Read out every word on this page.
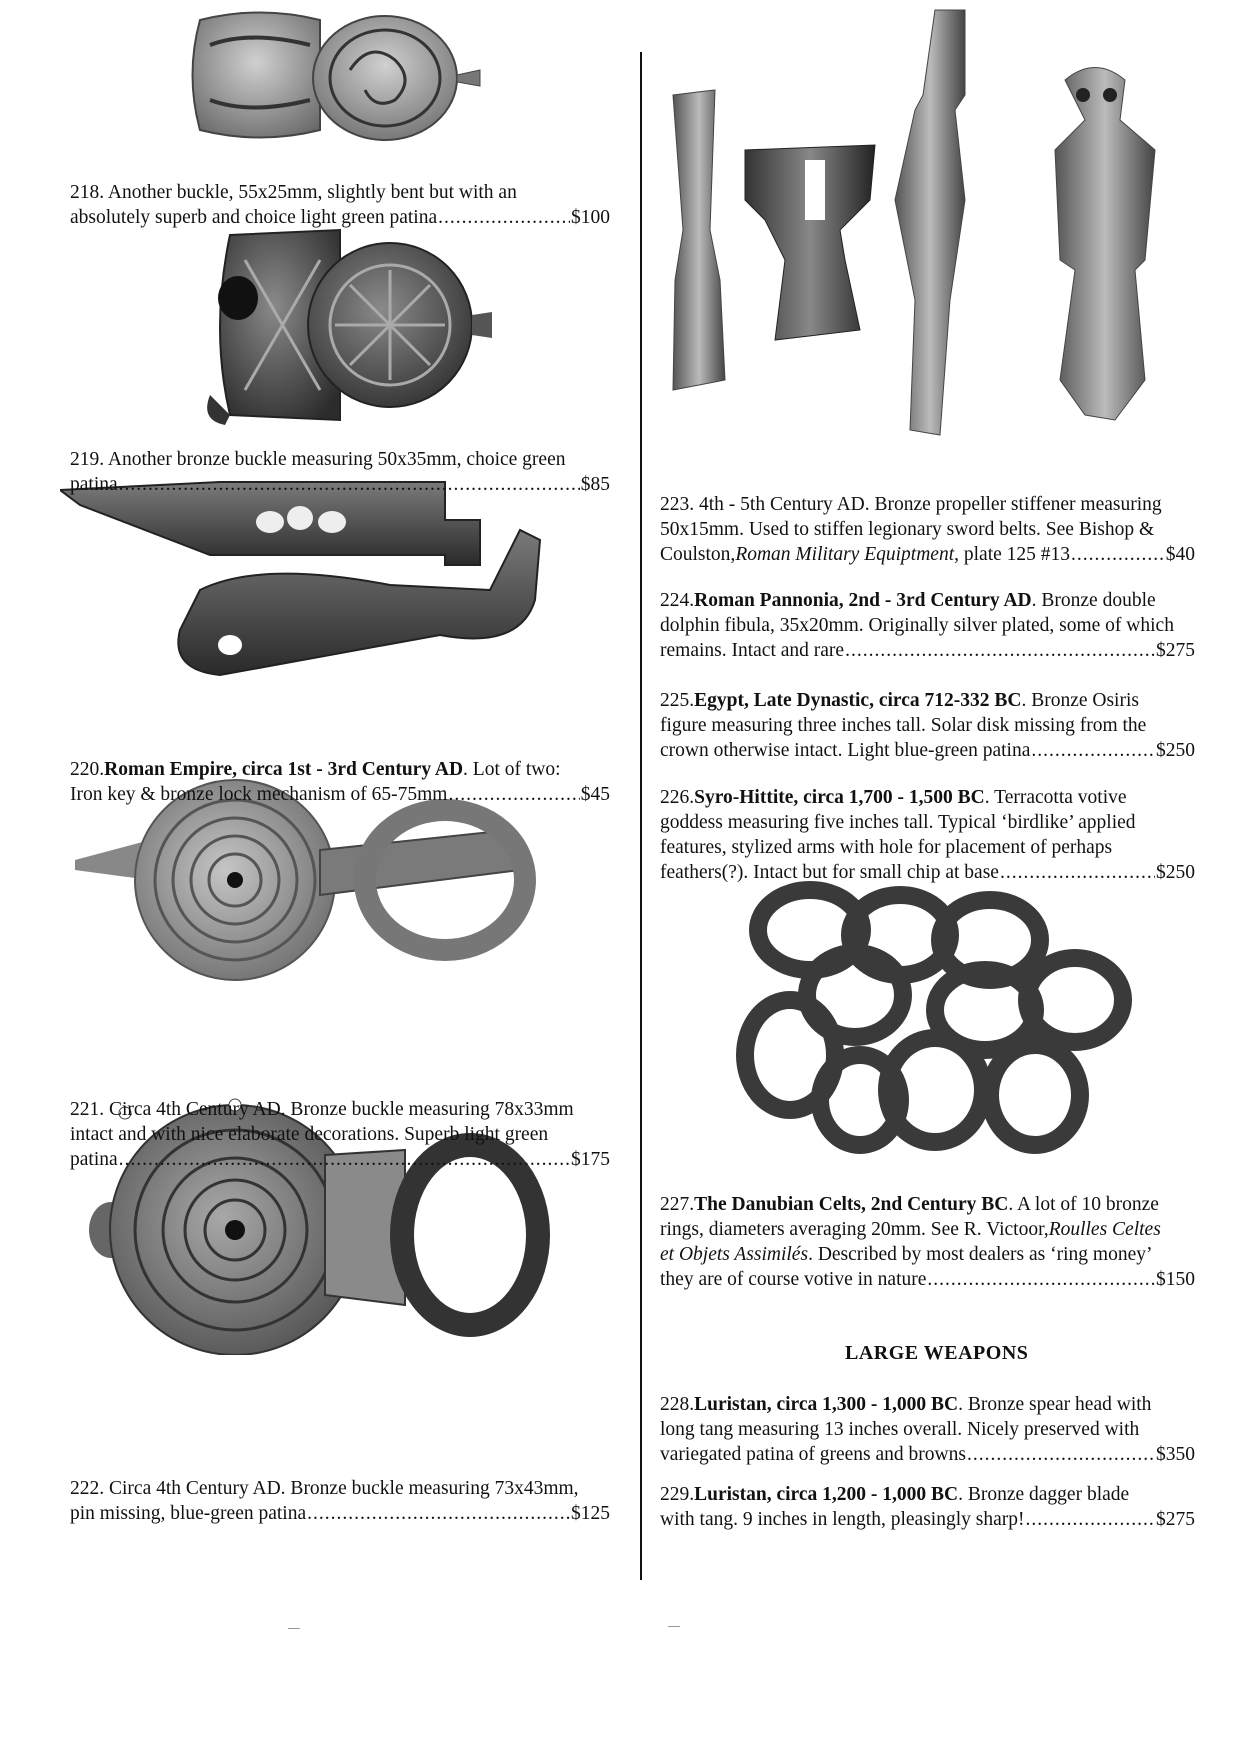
218. Another buckle, 55x25mm, slightly bent but with an
absolutely superb and choice light green patina .....	$100
219. Another bronze buckle measuring 50x35mm, choice green
patina .....	$85
220. Roman Empire, circa 1st - 3rd Century AD . Lot of two:
Iron key & bronze lock mechanism of 65-75mm .....	$45
221. Circa 4th Century AD. Bronze buckle measuring 78x33mm
intact and with nice elaborate decorations. Superb light green
patina .....	$175
222. Circa 4th Century AD. Bronze buckle measuring 73x43mm,
pin missing, blue-green patina .....	$125
223. 4th - 5th Century AD. Bronze propeller stiffener measuring
50x15mm. Used to stiffen legionary sword belts. See Bishop &
Coulston, Roman Military Equiptment , plate 125 #13 .....	$40
224. Roman Pannonia, 2nd - 3rd Century AD . Bronze double
dolphin fibula, 35x20mm. Originally silver plated, some of which
remains. Intact and rare .....	$275
225. Egypt, Late Dynastic, circa 712-332 BC . Bronze Osiris
figure measuring three inches tall. Solar disk missing from the
crown otherwise intact. Light blue-green patina .....	$250
226. Syro-Hittite, circa 1,700 - 1,500 BC . Terracotta votive
goddess measuring five inches tall. Typical ‘birdlike’ applied
features, stylized arms with hole for placement of perhaps
feathers(?). Intact but for small chip at base .....	$250
227. The Danubian Celts, 2nd Century BC . A lot of 10 bronze
rings, diameters averaging 20mm. See R. Victoor, Roulles Celtes
et Objets Assimilés . Described by most dealers as ‘ring money’
they are of course votive in nature .....	$150
LARGE WEAPONS
228. Luristan, circa 1,300 - 1,000 BC . Bronze spear head with
long tang measuring 13 inches overall. Nicely preserved with
variegated patina of greens and browns .....	$350
229. Luristan, circa 1,200 - 1,000 BC . Bronze dagger blade
with tang. 9 inches in length, pleasingly sharp! .....	$275
